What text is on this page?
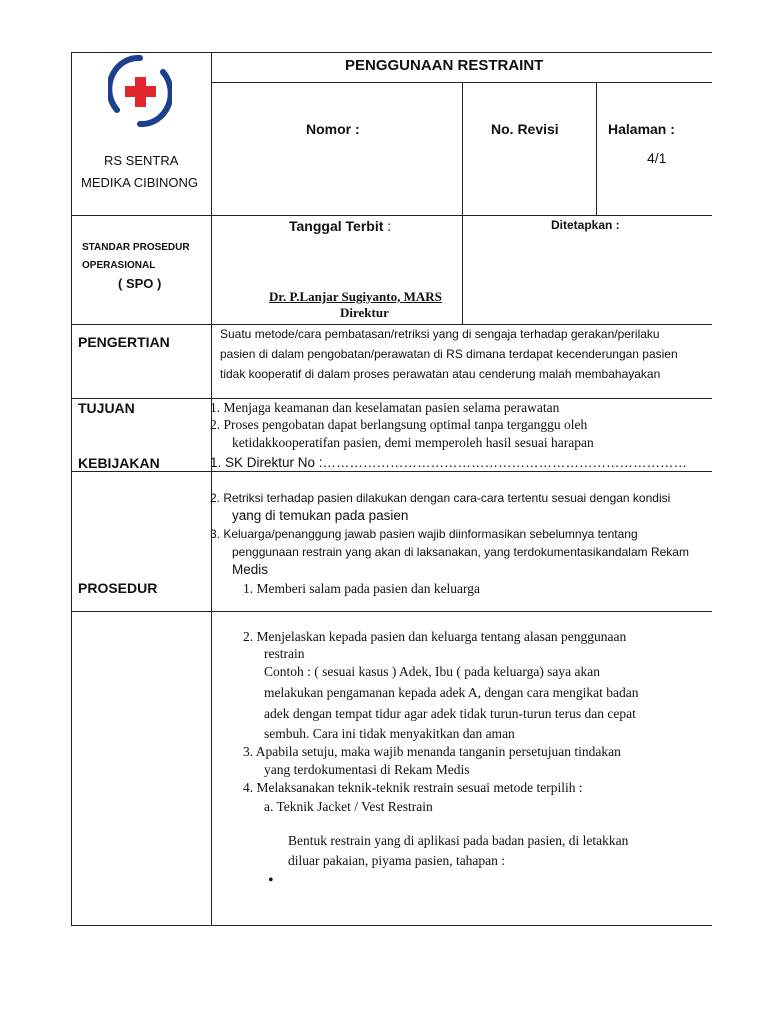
PENGGUNAAN RESTRAINT
RS SENTRA
MEDIKA CIBINONG
Nomor :	No. Revisi	Halaman :
4/1
STANDAR PROSEDUR
OPERASIONAL
( SPO )
Tanggal Terbit :	Ditetapkan :
Dr. P.Lanjar Sugiyanto, MARS
Direktur
PENGERTIAN	Suatu metode/cara pembatasan/retriksi yang di sengaja terhadap gerakan/perilaku
pasien di dalam pengobatan/perawatan di RS dimana terdapat kecenderungan pasien
tidak kooperatif di dalam proses perawatan atau cenderung malah membahayakan
TUJUAN	1. Menjaga keamanan dan keselamatan pasien selama perawatan
2. Proses pengobatan dapat berlangsung optimal tanpa terganggu oleh
ketidakkooperatifan pasien, demi memperoleh hasil sesuai harapan
KEBIJAKAN	1. SK Direktur No :………………………………………………………………………
2. Retriksi terhadap pasien dilakukan dengan cara-cara tertentu sesuai dengan kondisi
yang di temukan pada pasien
3. Keluarga/penanggung jawab pasien wajib diinformasikan sebelumnya tentang
penggunaan restrain yang akan di laksanakan, yang terdokumentasikandalam Rekam
Medis
PROSEDUR	1. Memberi salam pada pasien dan keluarga
2. Menjelaskan kepada pasien dan keluarga tentang alasan penggunaan
restrain
Contoh : ( sesuai kasus ) Adek, Ibu ( pada keluarga) saya akan
melakukan pengamanan kepada adek A, dengan cara mengikat badan
adek dengan tempat tidur agar adek tidak turun-turun terus dan cepat
sembuh. Cara ini tidak menyakitkan dan aman
3. Apabila setuju, maka wajib menanda tanganin persetujuan tindakan
yang terdokumentasi di Rekam Medis
4. Melaksanakan teknik-teknik restrain sesuai metode terpilih :
a. Teknik Jacket / Vest Restrain
Bentuk restrain yang di aplikasi pada badan pasien, di letakkan
diluar pakaian, piyama pasien, tahapan :
•
